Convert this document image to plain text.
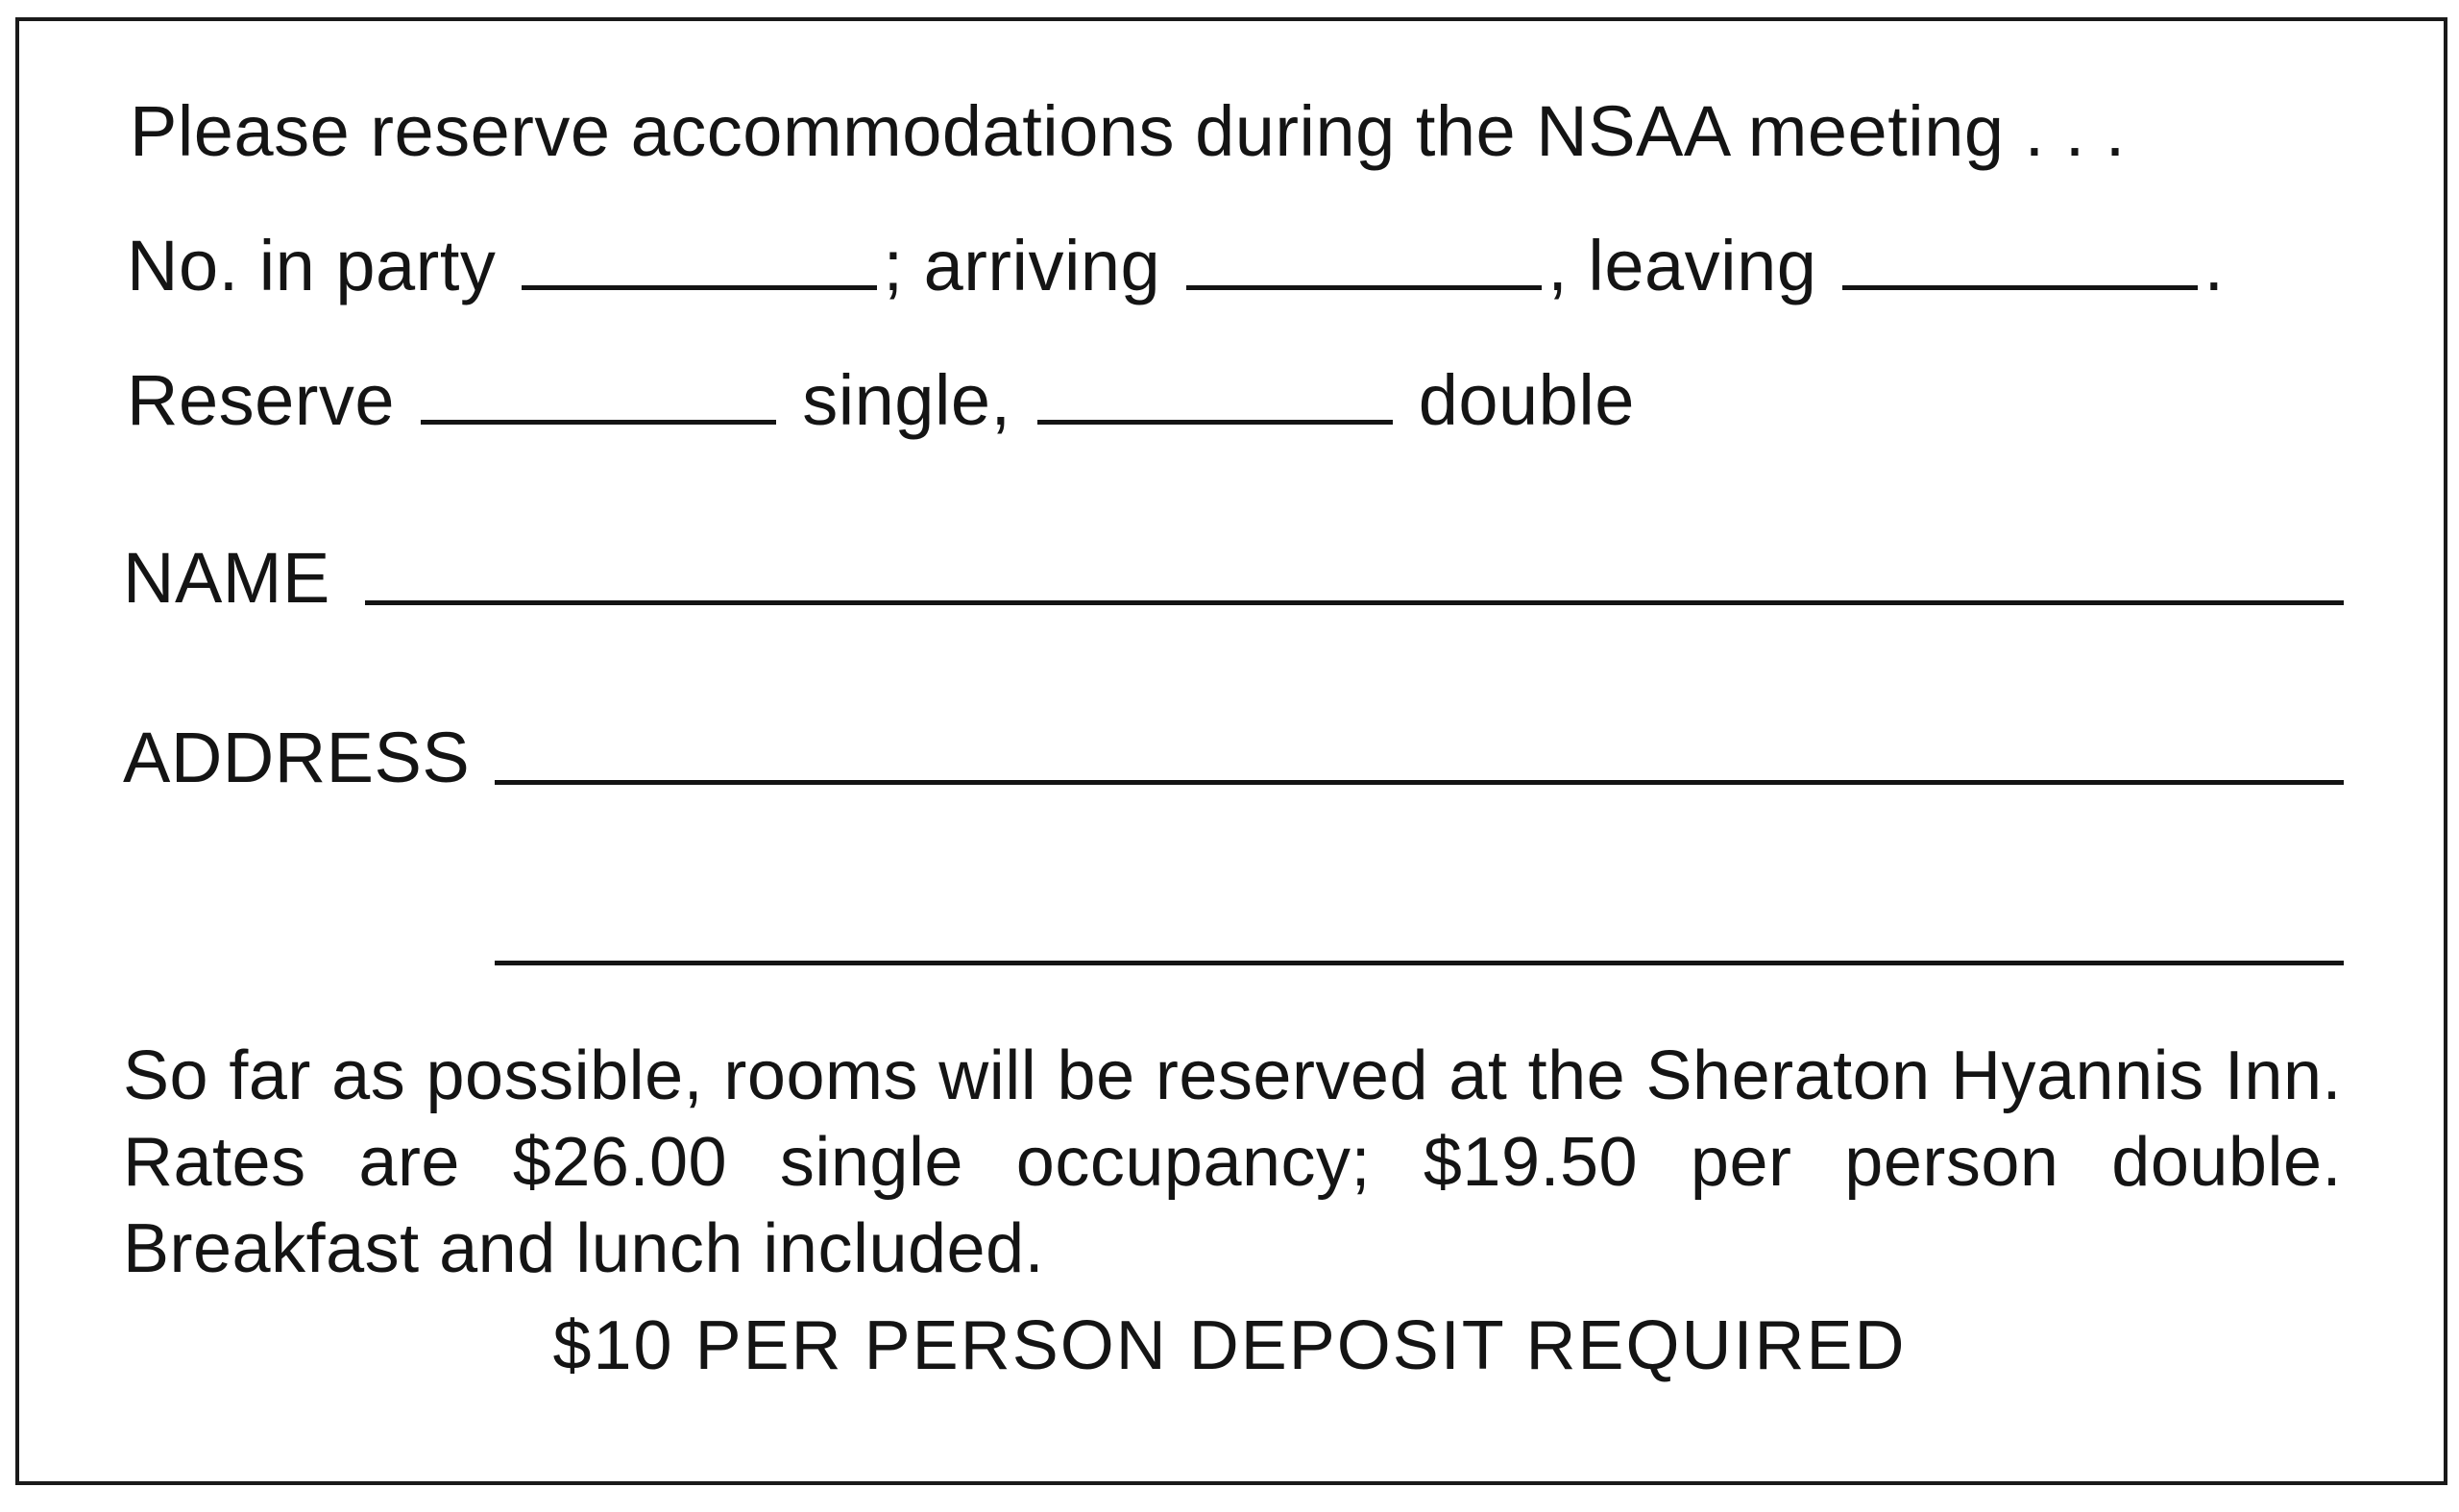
Please reserve accommodations during the NSAA meeting . . .
No. in party	; arriving	, leaving	.
Reserve	single,	double
NAME
ADDRESS
So far as possible, rooms will be reserved at the Sheraton Hyannis Inn. Rates are $26.00 single occupancy; $19.50 per person double. Breakfast and lunch included.
$10 PER PERSON DEPOSIT REQUIRED
